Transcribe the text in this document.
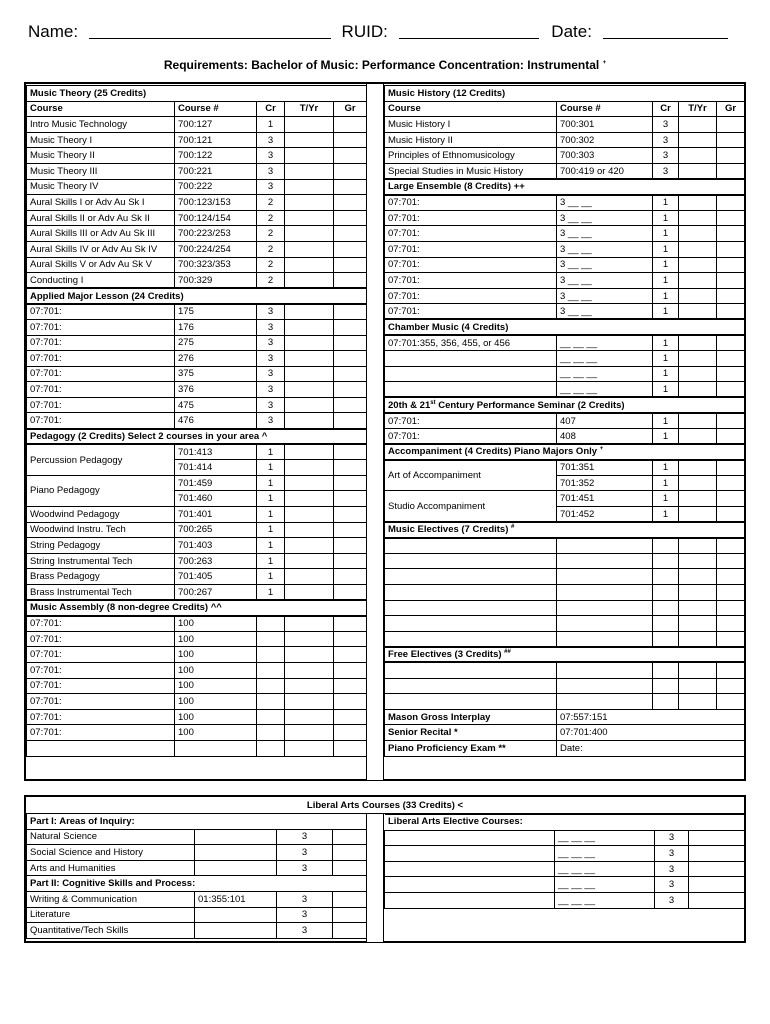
Name:	RUID:	Date:
Requirements: Bachelor of Music: Performance Concentration: Instrumental +
Music Theory (25 Credits)				
Course	Course #	Cr	T/Yr	Gr
Intro Music Technology	700:127	1		
Music Theory I	700:121	3		
Music Theory II	700:122	3		
Music Theory III	700:221	3		
Music Theory IV	700:222	3		
Aural Skills I or Adv Au Sk I	700:123/153	2		
Aural Skills II or Adv Au Sk II	700:124/154	2		
Aural Skills III or Adv Au Sk III	700:223/253	2		
Aural Skills IV or Adv Au Sk IV	700:224/254	2		
Aural Skills V or Adv Au Sk V	700:323/353	2		
Conducting I	700:329	2		
Applied Major Lesson (24 Credits)				
07:701:	175	3		
07:701:	176	3		
07:701:	275	3		
07:701:	276	3		
07:701:	375	3		
07:701:	376	3		
07:701:	475	3		
07:701:	476	3		
Pedagogy (2 Credits) Select 2 courses in your area ^				
Percussion Pedagogy	701:413	1		
	701:414	1		
Piano Pedagogy	701:459	1		
	701:460	1		
Woodwind Pedagogy	701:401	1		
Woodwind Instru. Tech	700:265	1		
String Pedagogy	701:403	1		
String Instrumental Tech	700:263	1		
Brass Pedagogy	701:405	1		
Brass Instrumental Tech	700:267	1		
Music Assembly (8 non-degree Credits) ^^				
07:701:	100			
07:701:	100			
07:701:	100			
07:701:	100			
07:701:	100			
07:701:	100			
07:701:	100			
07:701:	100			

Music History (12 Credits)				
Course	Course #	Cr	T/Yr	Gr
Music History I	700:301	3		
Music History II	700:302	3		
Principles of Ethnomusicology	700:303	3		
Special Studies in Music History	700:419 or 420	3		
Large Ensemble (8 Credits) ++				
07:701:	3 __ __	1		
07:701:	3 __ __	1		
07:701:	3 __ __	1		
07:701:	3 __ __	1		
07:701:	3 __ __	1		
07:701:	3 __ __	1		
07:701:	3 __ __	1		
07:701:	3 __ __	1		
Chamber Music (4 Credits)				
07:701:355, 356, 455, or 456	__ __ __	1		
	__ __ __	1		
	__ __ __	1		
	__ __ __	1		
20th & 21st Century Performance Seminar (2 Credits)				
07:701:	407	1		
07:701:	408	1		
Accompaniment (4 Credits) Piano Majors Only +
Art of Accompaniment	701:351	1		
	701:352	1		
Studio Accompaniment	701:451	1		
	701:452	1		
Music Electives (7 Credits) #

Free Electives (3 Credits) ##

Mason Gross Interplay	07:557:151			
Senior Recital *	07:701:400			
Piano Proficiency Exam **	Date:			

Part I: Areas of Inquiry:			
Natural Science		3	
Social Science and History		3	
Arts and Humanities		3	
Part II: Cognitive Skills and Process:			
Writing & Communication	01:355:101	3	
Literature		3	
Quantitative/Tech Skills		3	

	__ __ __	3	
	__ __ __	3	
	__ __ __	3	
	__ __ __	3	
	__ __ __	3	
Liberal Arts Courses (33 Credits) <
Liberal Arts Elective Courses:
